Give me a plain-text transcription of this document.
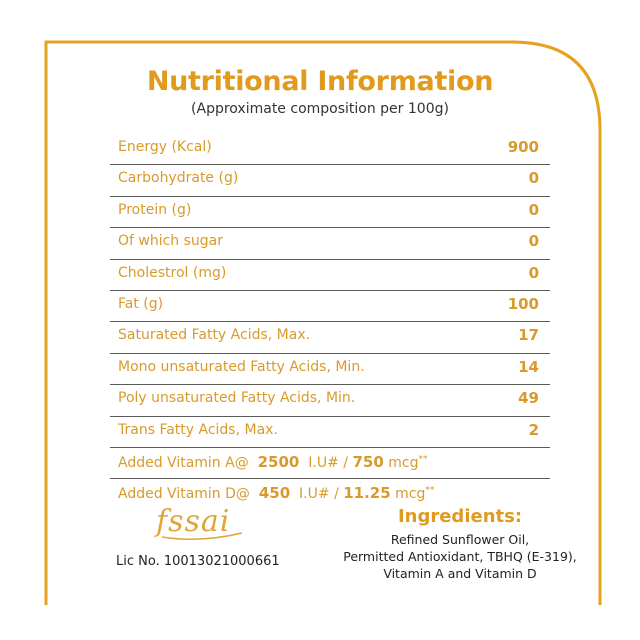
Nutritional Information
(Approximate composition per 100g)
Energy (Kcal)	900
Carbohydrate (g)	0
Protein (g)	0
Of which sugar	0
Cholestrol (mg)	0
Fat (g)	100
Saturated Fatty Acids, Max.	17
Mono unsaturated Fatty Acids, Min.	14
Poly unsaturated Fatty Acids, Min.	49
Trans Fatty Acids, Max.	2
Added Vitamin A@ 2500 I.U# / 750 mcg**
Added Vitamin D@ 450 I.U# / 11.25 mcg**
fssai
Lic No. 10013021000661
Ingredients:
Refined Sunflower Oil,
Permitted Antioxidant, TBHQ (E-319),
Vitamin A and Vitamin D
